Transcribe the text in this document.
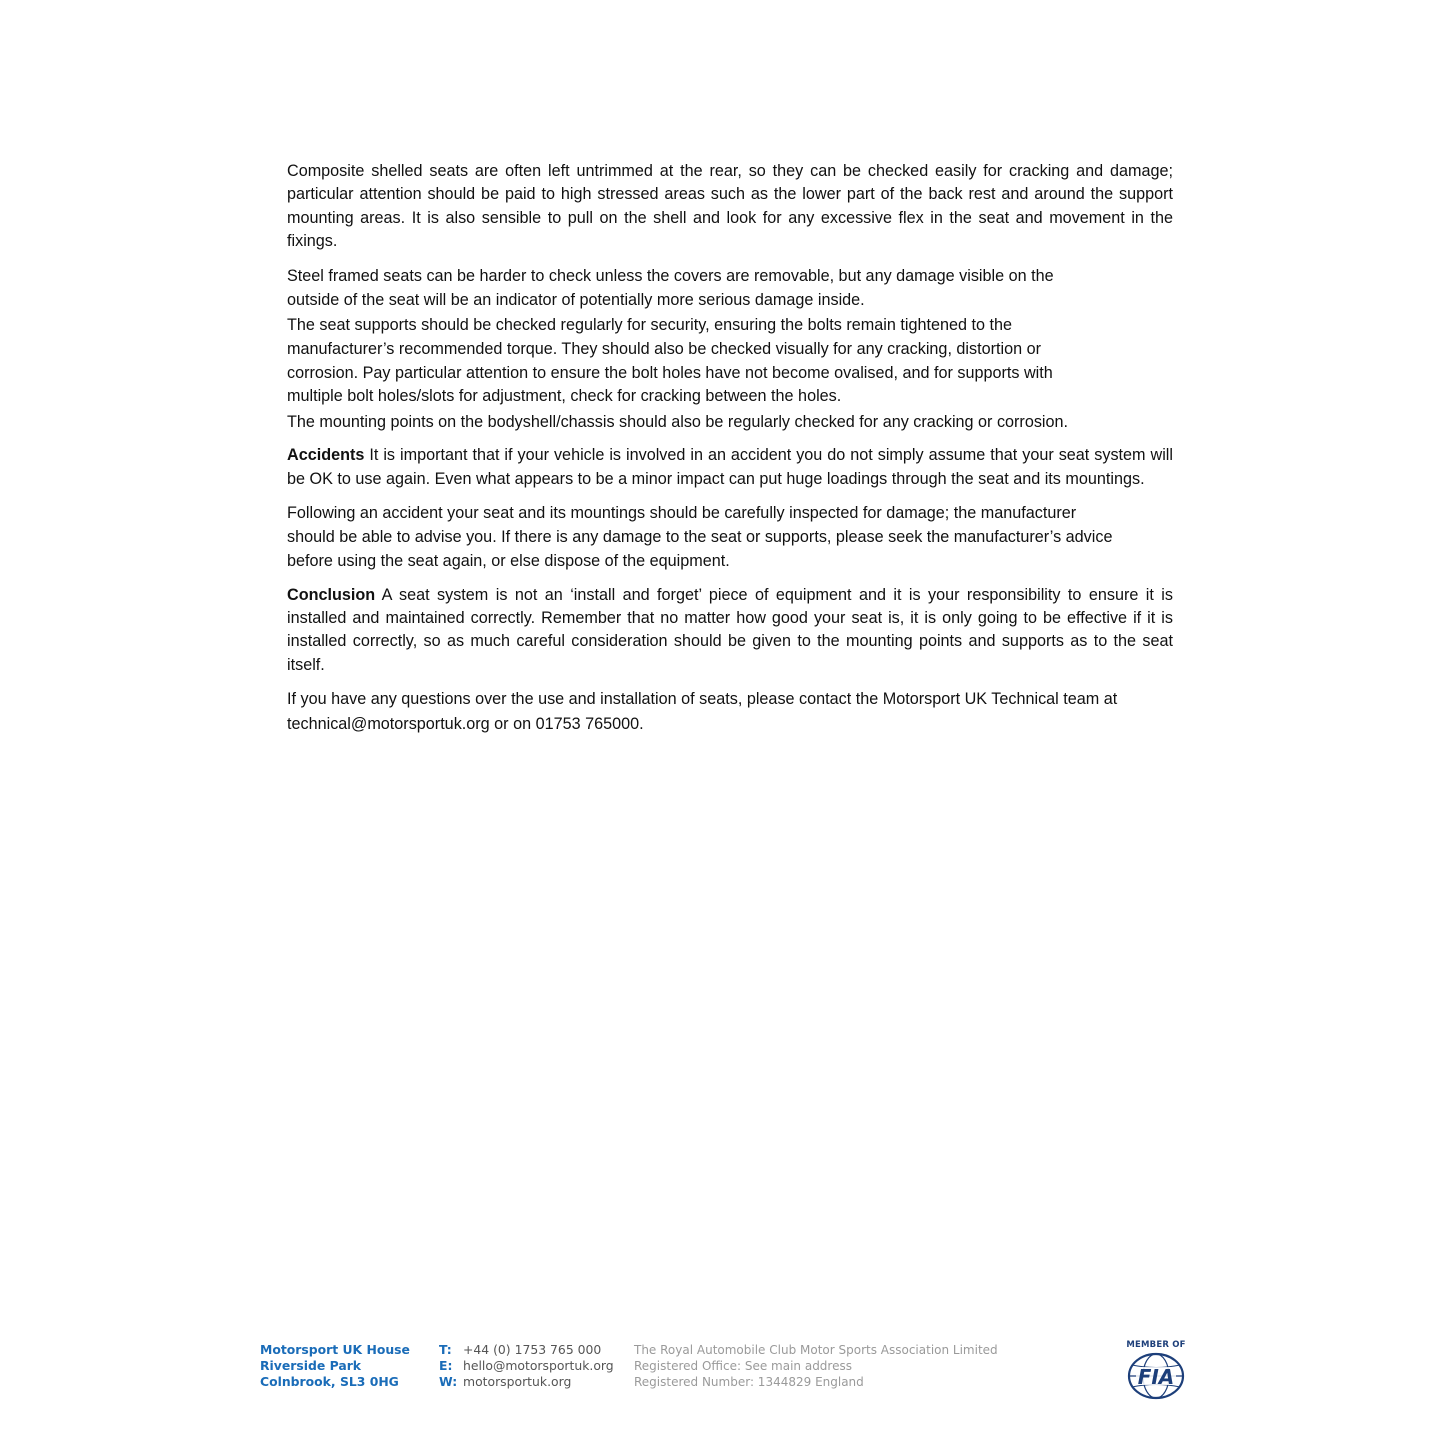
Composite shelled seats are often left untrimmed at the rear, so they can be checked easily for cracking and damage; particular attention should be paid to high stressed areas such as the lower part of the back rest and around the support mounting areas. It is also sensible to pull on the shell and look for any excessive flex in the seat and movement in the fixings.

Steel framed seats can be harder to check unless the covers are removable, but any damage visible on the outside of the seat will be an indicator of potentially more serious damage inside.

The seat supports should be checked regularly for security, ensuring the bolts remain tightened to the manufacturer’s recommended torque. They should also be checked visually for any cracking, distortion or corrosion. Pay particular attention to ensure the bolt holes have not become ovalised, and for supports with multiple bolt holes/slots for adjustment, check for cracking between the holes.

The mounting points on the bodyshell/chassis should also be regularly checked for any cracking or corrosion.

Accidents It is important that if your vehicle is involved in an accident you do not simply assume that your seat system will be OK to use again. Even what appears to be a minor impact can put huge loadings through the seat and its mountings.

Following an accident your seat and its mountings should be carefully inspected for damage; the manufacturer should be able to advise you. If there is any damage to the seat or supports, please seek the manufacturer’s advice before using the seat again, or else dispose of the equipment.

Conclusion A seat system is not an ‘install and forget’ piece of equipment and it is your responsibility to ensure it is installed and maintained correctly. Remember that no matter how good your seat is, it is only going to be effective if it is installed correctly, so as much careful consideration should be given to the mounting points and supports as to the seat itself.

If you have any questions over the use and installation of seats, please contact the Motorsport UK Technical team at technical@motorsportuk.org or on 01753 765000.

Motorsport UK House
Riverside Park
Colnbrook, SL3 0HG
T: +44 (0) 1753 765 000
E: hello@motorsportuk.org
W: motorsportuk.org
The Royal Automobile Club Motor Sports Association Limited
Registered Office: See main address
Registered Number: 1344829 England
MEMBER OF
FIA
